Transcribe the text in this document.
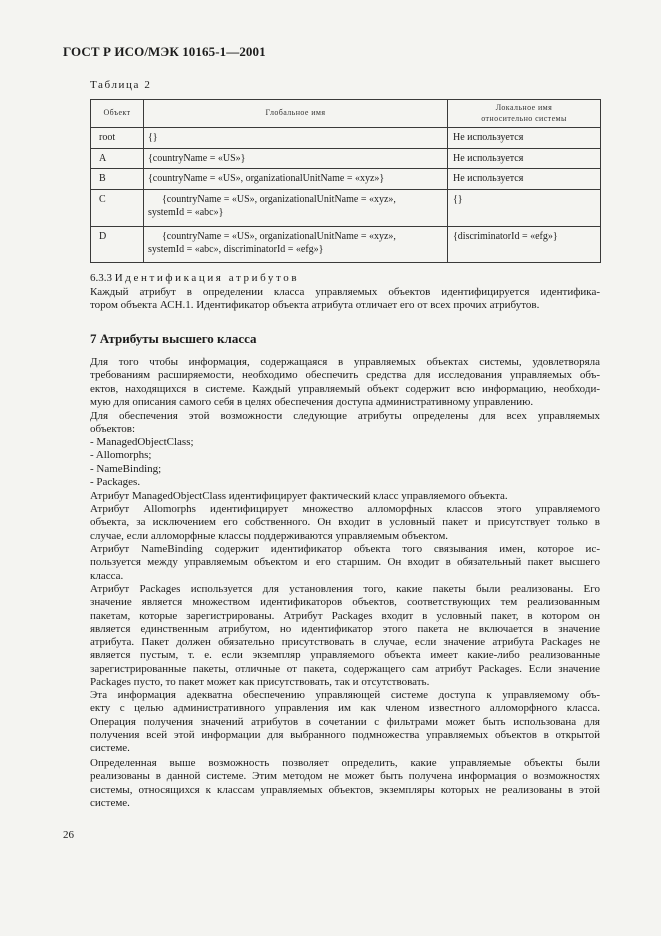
ГОСТ Р ИСО/МЭК 10165-1—2001
Таблица 2
Объект	Глобальное имя	Локальное имя
относительно системы

root	{}	Не используется
A	{countryName = «US»}	Не используется
B	{countryName = «US», organizationalUnitName = «xyz»}	Не используется
C	{countryName = «US», organizationalUnitName = «xyz»,
systemId = «abc»}	{}
D	{countryName = «US», organizationalUnitName = «xyz»,
systemId = «abc», discriminatorId = «efg»}	{discriminatorId = «efg»}
6.3.3 Идентификация атрибутов
Каждый атрибут в определении класса управляемых объектов идентифицируется идентифика-
тором объекта АСН.1. Идентификатор объекта атрибута отличает его от всех прочих атрибутов.
7 Атрибуты высшего класса
Для того чтобы информация, содержащаяся в управляемых объектах системы, удовлетворяла
требованиям расширяемости, необходимо обеспечить средства для исследования управляемых объ-
ектов, находящихся в системе. Каждый управляемый объект содержит всю информацию, необходи-
мую для описания самого себя в целях обеспечения доступа административному управлению.
Для обеспечения этой возможности следующие атрибуты определены для всех управляемых
объектов:
- ManagedObjectClass;
- Allomorphs;
- NameBinding;
- Packages.
Атрибут ManagedObjectClass идентифицирует фактический класс управляемого объекта.
Атрибут Allomorphs идентифицирует множество алломорфных классов этого управляемого
объекта, за исключением его собственного. Он входит в условный пакет и присутствует только в
случае, если алломорфные классы поддерживаются управляемым объектом.
Атрибут NameBinding содержит идентификатор объекта того связывания имен, которое ис-
пользуется между управляемым объектом и его старшим. Он входит в обязательный пакет высшего
класса.
Атрибут Packages используется для установления того, какие пакеты были реализованы. Его
значение является множеством идентификаторов объектов, соответствующих тем реализованным
пакетам, которые зарегистрированы. Атрибут Packages входит в условный пакет, в котором он
является единственным атрибутом, но идентификатор этого пакета не включается в значение
атрибута. Пакет должен обязательно присутствовать в случае, если значение атрибута Packages не
является пустым, т. е. если экземпляр управляемого объекта имеет какие-либо реализованные
зарегистрированные пакеты, отличные от пакета, содержащего сам атрибут Packages. Если значение
Packages пусто, то пакет может как присутствовать, так и отсутствовать.
Эта информация адекватна обеспечению управляющей системе доступа к управляемому объ-
екту с целью административного управления им как членом известного алломорфного класса.
Операция получения значений атрибутов в сочетании с фильтрами может быть использована для
получения всей этой информации для выбранного подмножества управляемых объектов в открытой
системе.
Определенная выше возможность позволяет определить, какие управляемые объекты были
реализованы в данной системе. Этим методом не может быть получена информация о возможностях
системы, относящихся к классам управляемых объектов, экземпляры которых не реализованы в этой
системе.
26
